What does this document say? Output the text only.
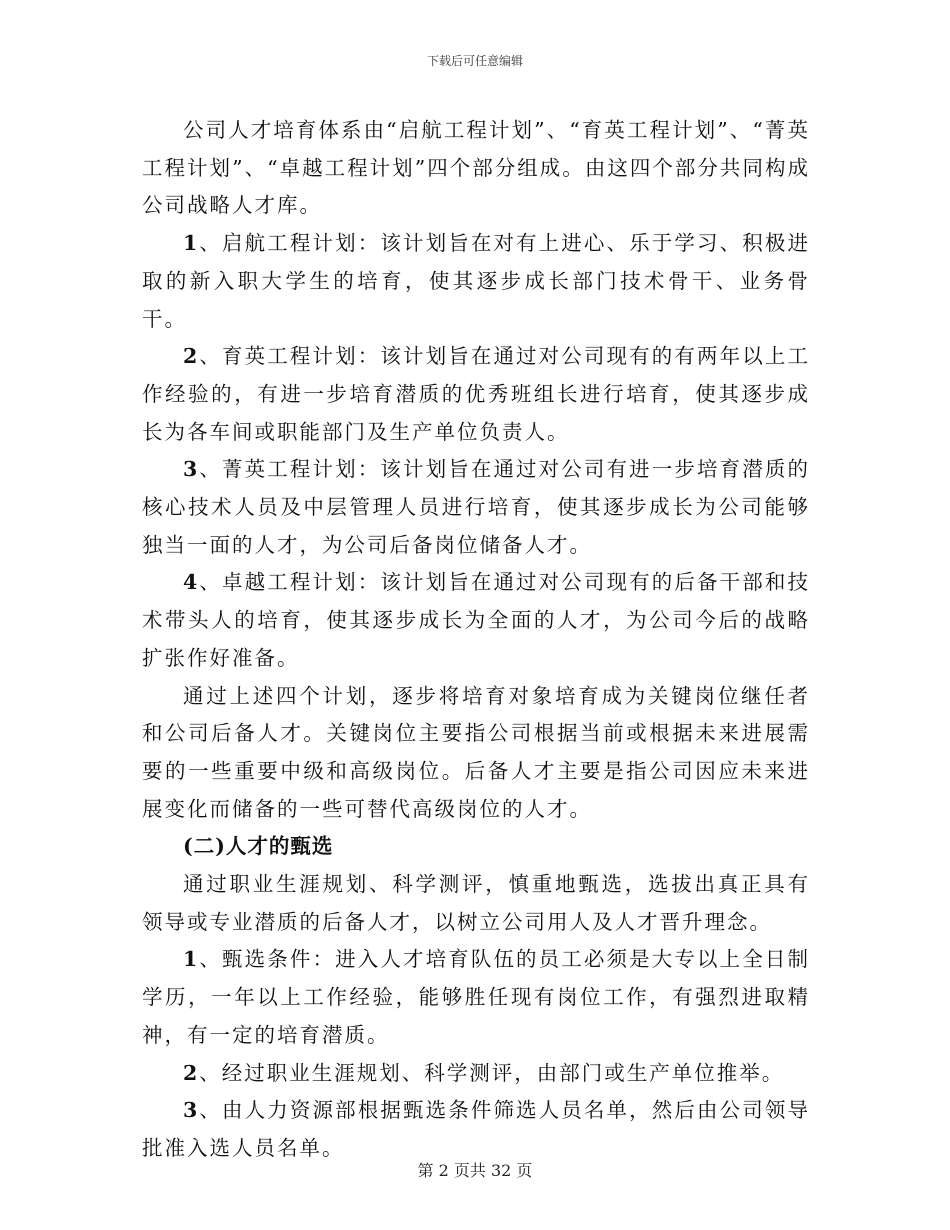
下载后可任意编辑

公司人才培育体系由“启航工程计划”、“育英工程计划”、“菁英工程计划”、“卓越工程计划”四个部分组成。由这四个部分共同构成公司战略人才库。

1、启航工程计划：该计划旨在对有上进心、乐于学习、积极进取的新入职大学生的培育，使其逐步成长部门技术骨干、业务骨干。

2、育英工程计划：该计划旨在通过对公司现有的有两年以上工作经验的，有进一步培育潜质的优秀班组长进行培育，使其逐步成长为各车间或职能部门及生产单位负责人。

3、菁英工程计划：该计划旨在通过对公司有进一步培育潜质的核心技术人员及中层管理人员进行培育，使其逐步成长为公司能够独当一面的人才，为公司后备岗位储备人才。

4、卓越工程计划：该计划旨在通过对公司现有的后备干部和技术带头人的培育，使其逐步成长为全面的人才，为公司今后的战略扩张作好准备。

通过上述四个计划，逐步将培育对象培育成为关键岗位继任者和公司后备人才。关键岗位主要指公司根据当前或根据未来进展需要的一些重要中级和高级岗位。后备人才主要是指公司因应未来进展变化而储备的一些可替代高级岗位的人才。

(二)人才的甄选

通过职业生涯规划、科学测评，慎重地甄选，选拔出真正具有领导或专业潜质的后备人才，以树立公司用人及人才晋升理念。

1、甄选条件：进入人才培育队伍的员工必须是大专以上全日制学历，一年以上工作经验，能够胜任现有岗位工作，有强烈进取精神，有一定的培育潜质。

2、经过职业生涯规划、科学测评，由部门或生产单位推举。

3、由人力资源部根据甄选条件筛选人员名单，然后由公司领导批准入选人员名单。

第 2 页共 32 页
